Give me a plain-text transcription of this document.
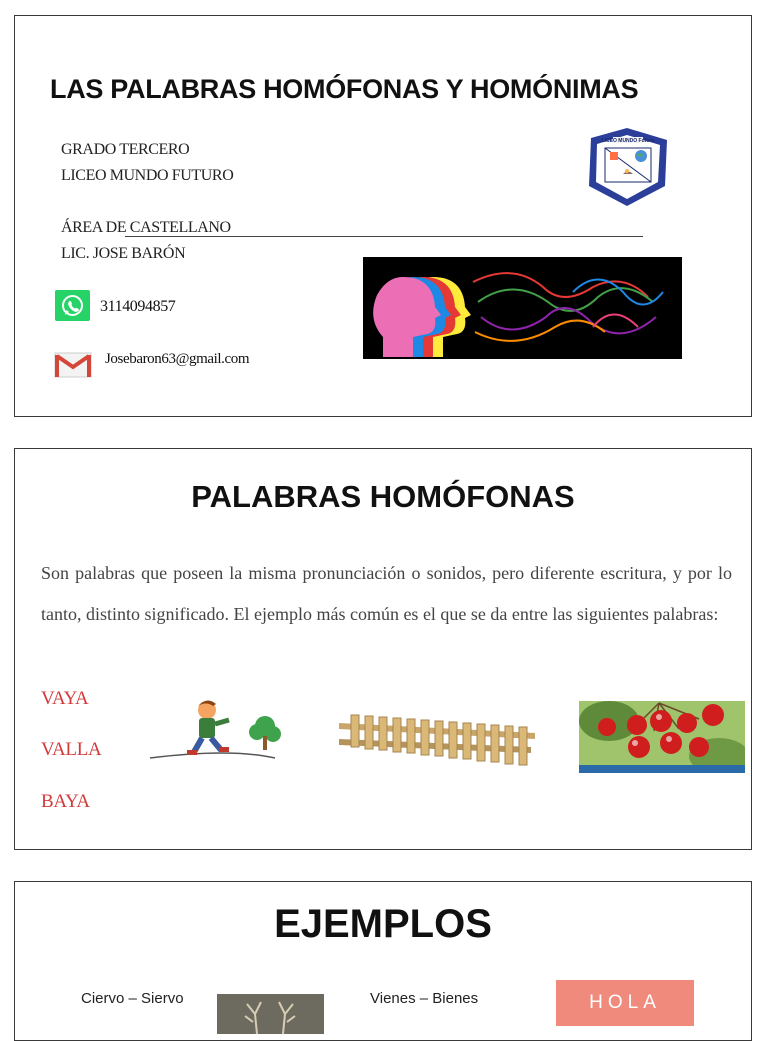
LAS PALABRAS HOMÓFONAS Y HOMÓNIMAS
GRADO TERCERO
LICEO MUNDO FUTURO
ÁREA DE CASTELLANO
LIC. JOSE BARÓN
3114094857
Josebaron63@gmail.com
LICEO MUNDO Futuro
PALABRAS HOMÓFONAS

Son palabras que poseen la misma pronunciación o sonidos, pero diferente escritura, y por lo tanto, distinto significado. El ejemplo más común es el que se da entre las siguientes palabras:

VAYA
VALLA
BAYA
EJEMPLOS
Ciervo – Siervo	Vienes – Bienes	HOLA
